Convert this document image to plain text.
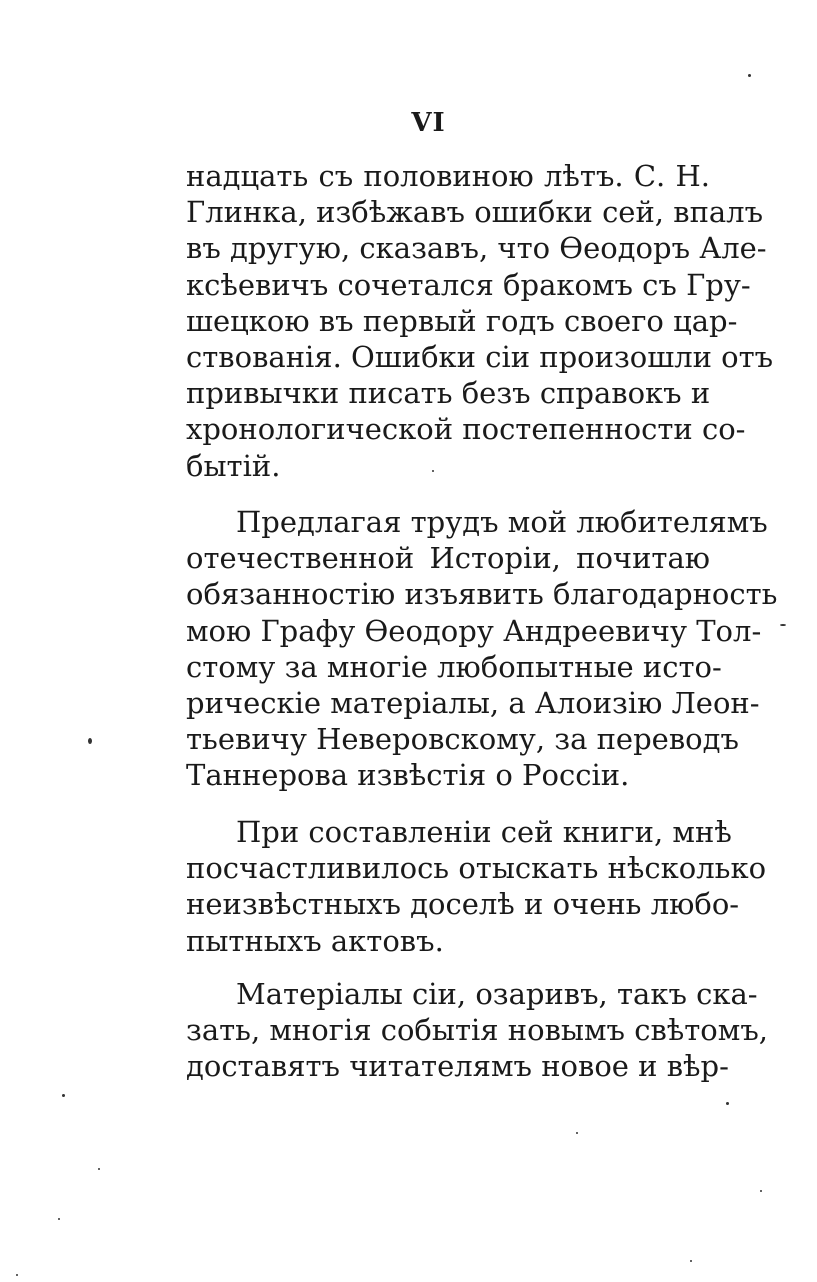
VI
надцать съ половиною лѣтъ. С. Н.
Глинка, избѣжавъ ошибки сей, впалъ
въ другую, сказавъ, что Ѳеодоръ Але-
ксѣевичъ сочетался бракомъ съ Гру-
шецкою въ первый годъ своего цар-
ствованія. Ошибки сіи произошли отъ
привычки писать безъ справокъ и
хронологической постепенности со-
бытій.
Предлагая трудъ мой любителямъ
отечественной Исторіи, почитаю
обязанностію изъявить благодарность
мою Графу Ѳеодору Андреевичу Тол-
стому за многіе любопытные исто-
рическіе матеріалы, а Алоизію Леон-
тьевичу Неверовскому, за переводъ
Таннерова извѣстія о Россіи.
При составленіи сей книги, мнѣ
посчастливилось отыскать нѣсколько
неизвѣстныхъ доселѣ и очень любо-
пытныхъ актовъ.
Матеріалы сіи, озаривъ, такъ ска-
зать, многія событія новымъ свѣтомъ,
доставятъ читателямъ новое и вѣр-
